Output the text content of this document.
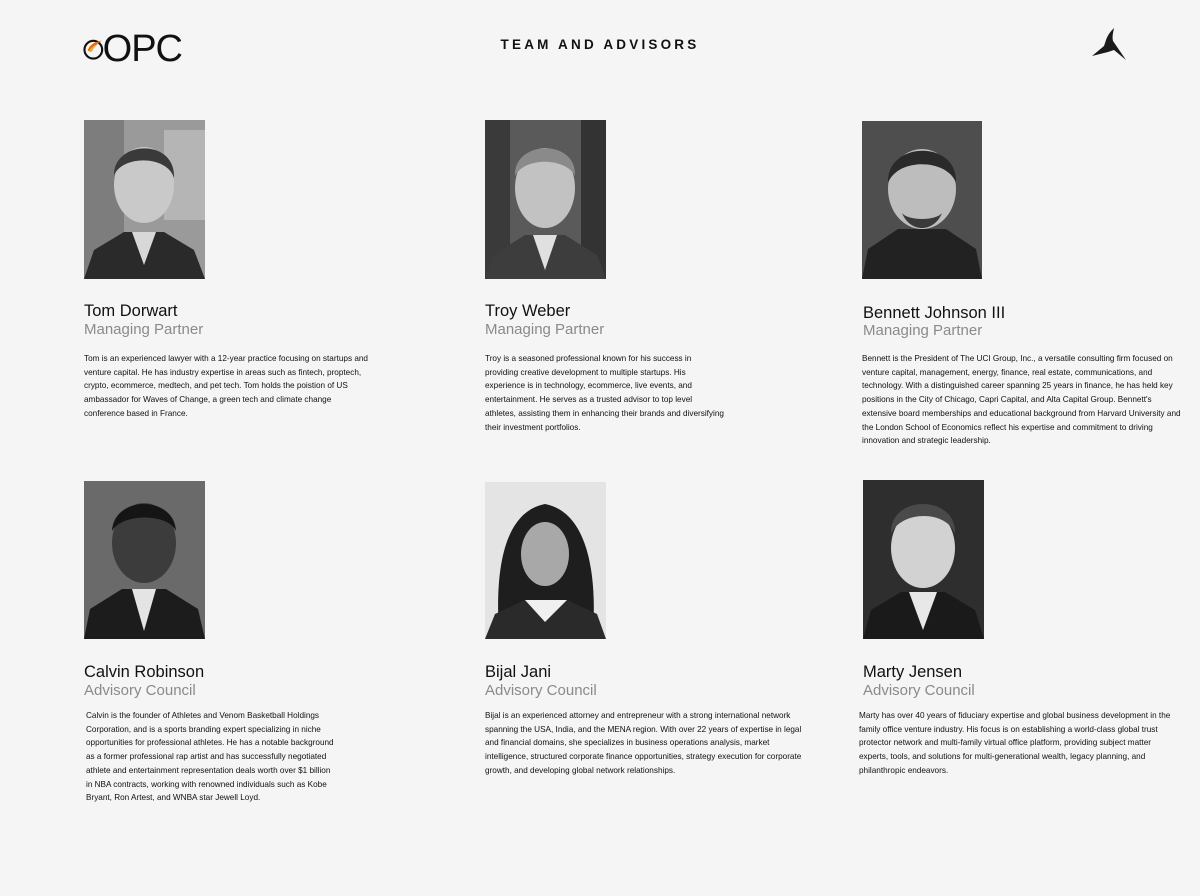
OPC	TEAM AND ADVISORS
Tom Dorwart
Managing Partner
Tom is an experienced lawyer with a 12-year practice focusing on startups and venture capital. He has industry expertise in areas such as fintech, proptech, crypto, ecommerce, medtech, and pet tech. Tom holds the poistion of US ambassador for Waves of Change, a green tech and climate change conference based in France.
Troy Weber
Managing Partner
Troy is a seasoned professional known for his success in providing creative development to multiple startups. His experience is in technology, ecommerce, live events, and entertainment. He serves as a trusted advisor to top level athletes, assisting them in enhancing their brands and diversifying their investment portfolios.
Bennett Johnson III
Managing Partner
Bennett is the President of The UCI Group, Inc., a versatile consulting firm focused on venture capital, management, energy, finance, real estate, communications, and technology. With a distinguished career spanning 25 years in finance, he has held key positions in the City of Chicago, Capri Capital, and Alta Capital Group. Bennett's extensive board memberships and educational background from Harvard University and the London School of Economics reflect his expertise and commitment to driving innovation and strategic leadership.
Calvin Robinson
Advisory Council
Calvin is the founder of Athletes and Venom Basketball Holdings Corporation, and is a sports branding expert specializing in niche opportunities for professional athletes. He has a notable background as a former professional rap artist and has successfully negotiated athlete and entertainment representation deals worth over $1 billion in NBA contracts, working with renowned individuals such as Kobe Bryant, Ron Artest, and WNBA star Jewell Loyd.
Bijal Jani
Advisory Council
Bijal is an experienced attorney and entrepreneur with a strong international network spanning the USA, India, and the MENA region. With over 22 years of expertise in legal and financial domains, she specializes in business operations analysis, market intelligence, structured corporate finance opportunities, strategy execution for corporate growth, and developing global network relationships.
Marty Jensen
Advisory Council
Marty has over 40 years of fiduciary expertise and global business development in the family office venture industry. His focus is on establishing a world-class global trust protector network and multi-family virtual office platform, providing subject matter experts, tools, and solutions for multi-generational wealth, legacy planning, and philanthropic endeavors.
